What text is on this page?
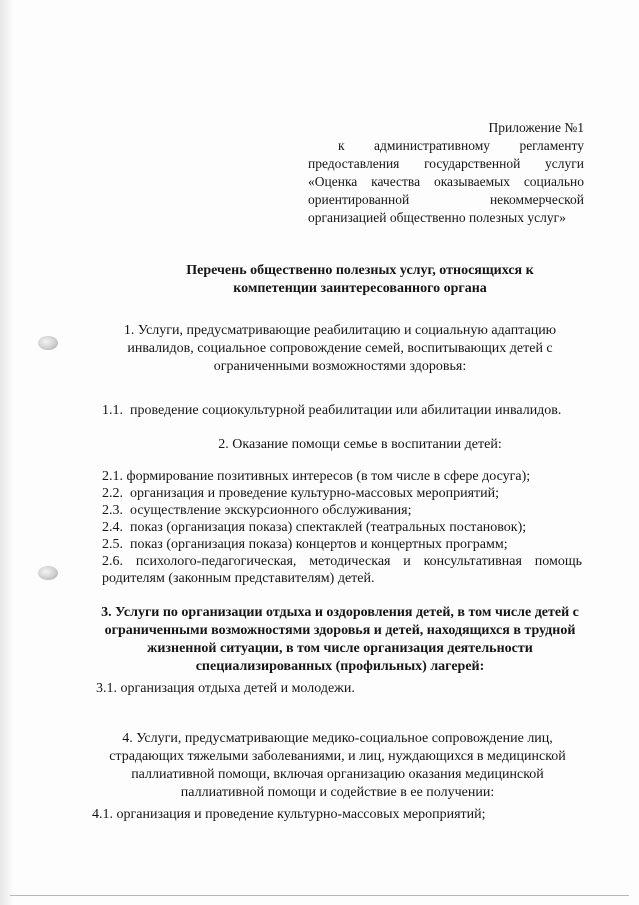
Приложение №1
к административному регламенту
предоставления государственной услуги
«Оценка качества оказываемых социально
ориентированной некоммерческой
организацией общественно полезных услуг»
Перечень общественно полезных услуг, относящихся к
компетенции заинтересованного органа
1. Услуги, предусматривающие реабилитацию и социальную адаптацию
инвалидов, социальное сопровождение семей, воспитывающих детей с
ограниченными возможностями здоровья:
1.1. проведение социокультурной реабилитации или абилитации инвалидов.
2. Оказание помощи семье в воспитании детей:
2.1. формирование позитивных интересов (в том числе в сфере досуга);
2.2. организация и проведение культурно-массовых мероприятий;
2.3. осуществление экскурсионного обслуживания;
2.4. показ (организация показа) спектаклей (театральных постановок);
2.5. показ (организация показа) концертов и концертных программ;
2.6. психолого-педагогическая, методическая и консультативная помощь
родителям (законным представителям) детей.
3. Услуги по организации отдыха и оздоровления детей, в том числе детей с
ограниченными возможностями здоровья и детей, находящихся в трудной
жизненной ситуации, в том числе организация деятельности
специализированных (профильных) лагерей:
3.1. организация отдыха детей и молодежи.
4. Услуги, предусматривающие медико-социальное сопровождение лиц,
страдающих тяжелыми заболеваниями, и лиц, нуждающихся в медицинской
паллиативной помощи, включая организацию оказания медицинской
паллиативной помощи и содействие в ее получении:
4.1. организация и проведение культурно-массовых мероприятий;
